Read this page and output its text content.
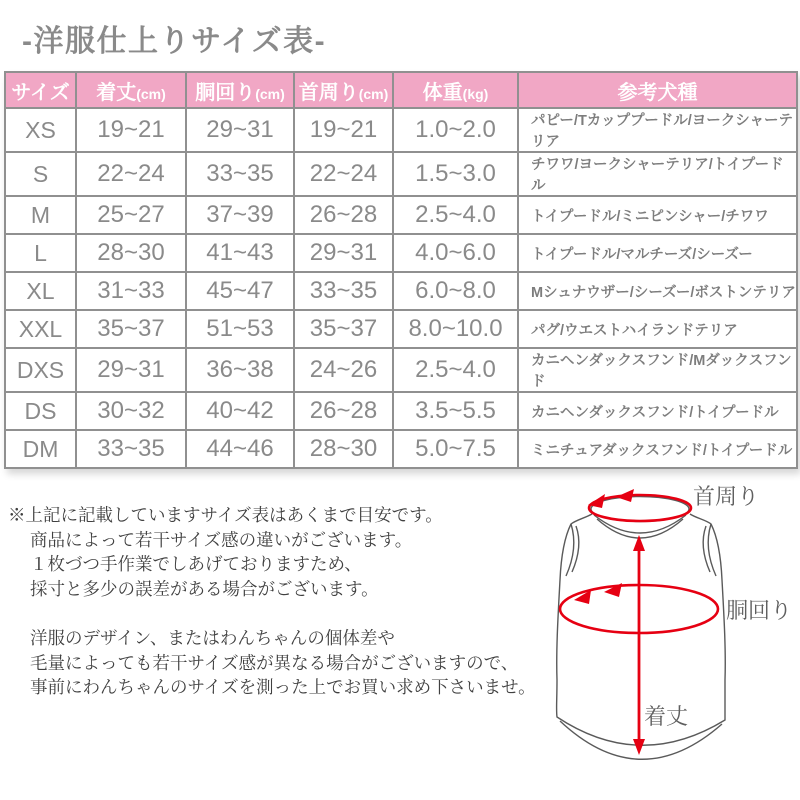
-洋服仕上りサイズ表-
サイズ	着丈(cm)	胴回り(cm)	首周り(cm)	体重(kg)	参考犬種
XS	19~21	29~31	19~21	1.0~2.0	パピー/Tカッププードル/ヨークシャーテリア
S	22~24	33~35	22~24	1.5~3.0	チワワ/ヨークシャーテリア/トイプードル
M	25~27	37~39	26~28	2.5~4.0	トイプードル/ミニピンシャー/チワワ
L	28~30	41~43	29~31	4.0~6.0	トイプードル/マルチーズ/シーズー
XL	31~33	45~47	33~35	6.0~8.0	Mシュナウザー/シーズー/ボストンテリア
XXL	35~37	51~53	35~37	8.0~10.0	パグ/ウエストハイランドテリア
DXS	29~31	36~38	24~26	2.5~4.0	カニヘンダックスフンド/Mダックスフンド
DS	30~32	40~42	26~28	3.5~5.5	カニヘンダックスフンド/トイプードル
DM	33~35	44~46	28~30	5.0~7.5	ミニチュアダックスフンド/トイプードル

※上記に記載していますサイズ表はあくまで目安です。

商品によって若干サイズ感の違いがございます。

１枚づつ手作業でしあげておりますため、

採寸と多少の誤差がある場合がございます。

洋服のデザイン、またはわんちゃんの個体差や

毛量によっても若干サイズ感が異なる場合がございますので、

事前にわんちゃんのサイズを測った上でお買い求め下さいませ。

首周り
胴回り
着丈
